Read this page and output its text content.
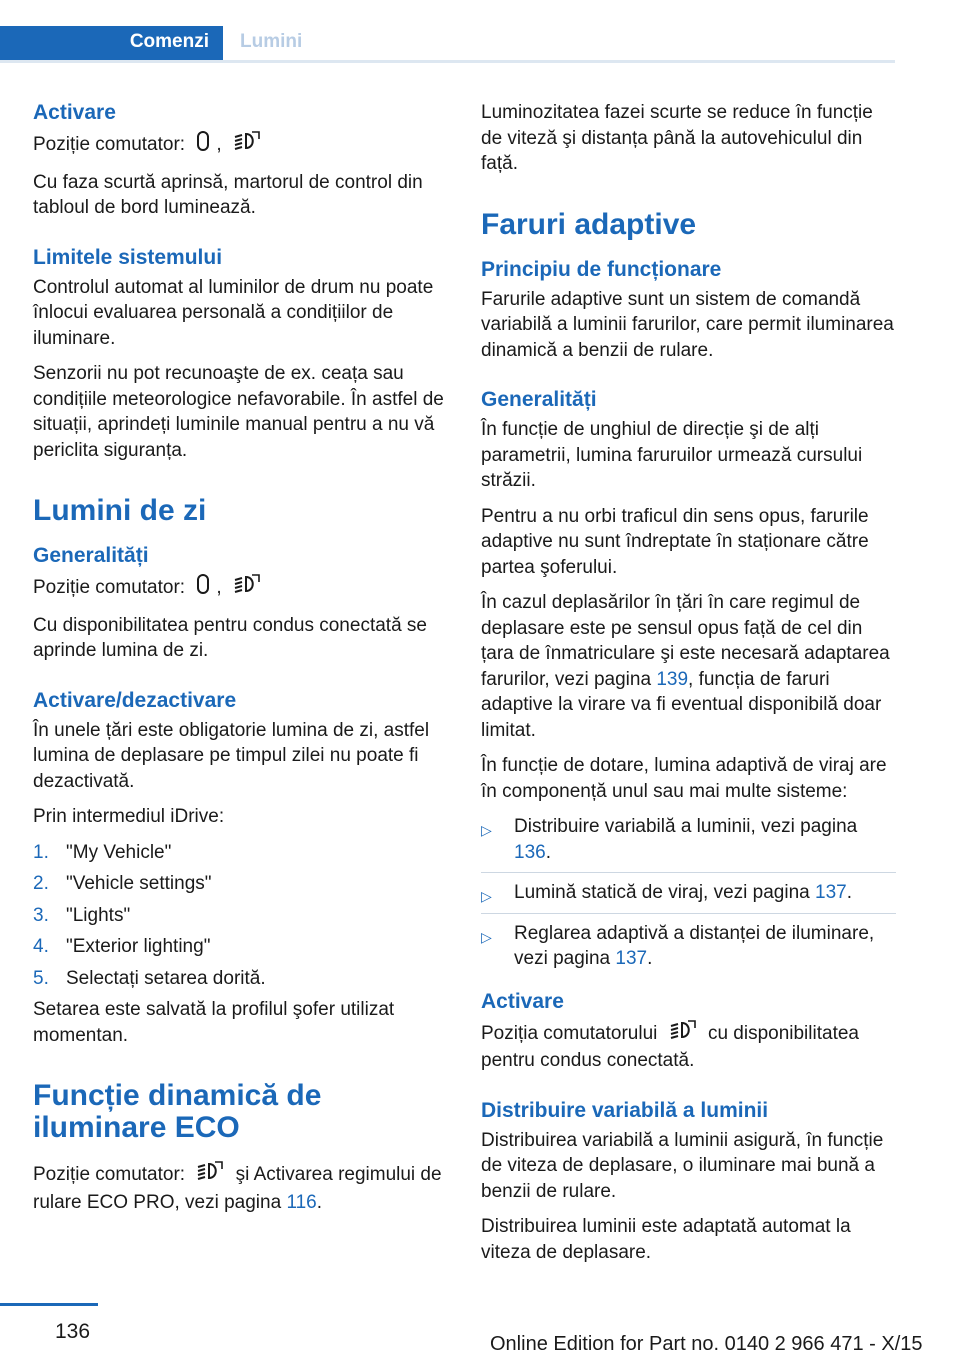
Comenzi	Lumini
Activare

Poziție comutator: ,

Cu faza scurtă aprinsă, martorul de control din tabloul de bord luminează.

Limitele sistemului

Controlul automat al luminilor de drum nu poate înlocui evaluarea personală a condițiilor de iluminare.

Senzorii nu pot recunoaşte de ex. ceața sau condițiile meteorologice nefavorabile. În astfel de situații, aprindeți luminile manual pentru a nu vă periclita siguranța.

Lumini de zi
Generalități

Poziție comutator: ,

Cu disponibilitatea pentru condus conectată se aprinde lumina de zi.

Activare/dezactivare

În unele țări este obligatorie lumina de zi, astfel lumina de deplasare pe timpul zilei nu poate fi dezactivată.

Prin intermediul iDrive:

1. "My Vehicle"
2. "Vehicle settings"
3. "Lights"
4. "Exterior lighting"
5. Selectați setarea dorită.

Setarea este salvată la profilul şofer utilizat momentan.

Funcție dinamică de iluminare ECO

Poziție comutator:	şi Activarea regimului de rulare ECO PRO, vezi pagina 116.

Luminozitatea fazei scurte se reduce în funcție de viteză şi distanța până la autovehiculul din față.

Faruri adaptive
Principiu de funcționare

Farurile adaptive sunt un sistem de comandă variabilă a luminii farurilor, care permit iluminarea dinamică a benzii de rulare.

Generalități

În funcție de unghiul de direcție şi de alți parametrii, lumina faruruilor urmează cursului străzii.

Pentru a nu orbi traficul din sens opus, farurile adaptive nu sunt îndreptate în staționare către partea şoferului.

În cazul deplasărilor în țări în care regimul de deplasare este pe sensul opus față de cel din țara de înmatriculare şi este necesară adaptarea farurilor, vezi pagina 139, funcția de faruri adaptive la virare va fi eventual disponibilă doar limitat.

În funcție de dotare, lumina adaptivă de viraj are în componență unul sau mai multe sisteme:

▷ Distribuire variabilă a luminii, vezi pagina 136.
▷ Lumină statică de viraj, vezi pagina 137.
▷ Reglarea adaptivă a distanței de iluminare, vezi pagina 137.
Activare

Poziția comutatorului	cu disponibilitatea pentru condus conectată.

Distribuire variabilă a luminii

Distribuirea variabilă a luminii asigură, în funcție de viteza de deplasare, o iluminare mai bună a benzii de rulare.

Distribuirea luminii este adaptată automat la viteza de deplasare.

136
Online Edition for Part no. 0140 2 966 471 - X/15
